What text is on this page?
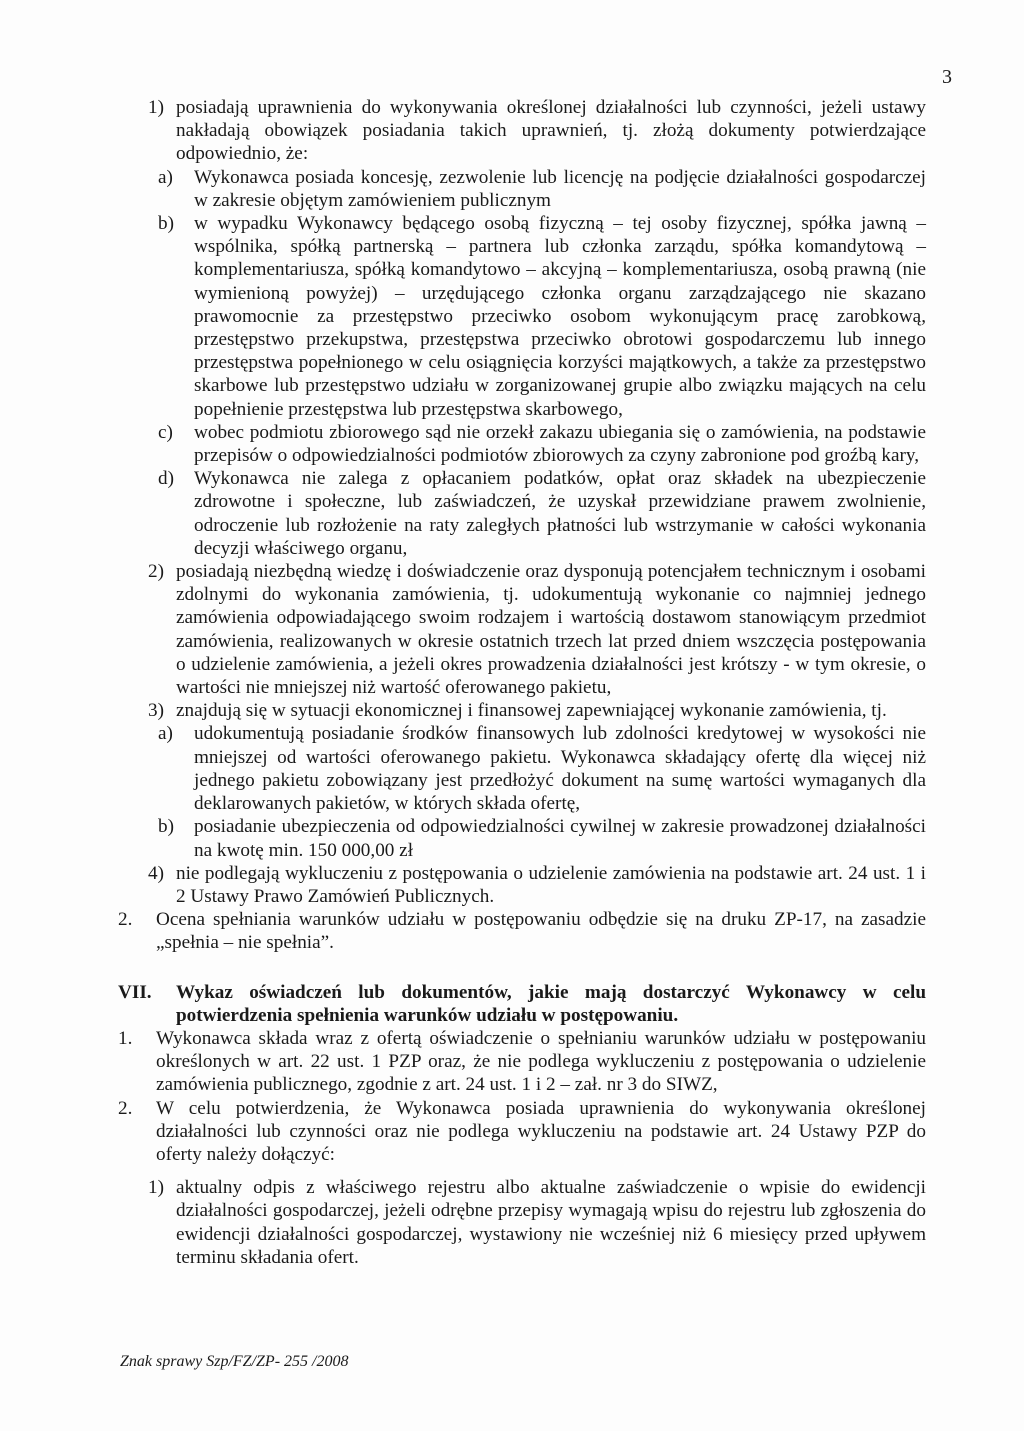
3
1) posiadają uprawnienia do wykonywania określonej działalności lub czynności, jeżeli ustawy nakładają obowiązek posiadania takich uprawnień, tj. złożą dokumenty potwierdzające odpowiednio, że:
a) Wykonawca posiada koncesję, zezwolenie lub licencję na podjęcie działalności gospodarczej w zakresie objętym zamówieniem publicznym
b) w wypadku Wykonawcy będącego osobą fizyczną – tej osoby fizycznej, spółka jawną – wspólnika, spółką partnerską – partnera lub członka zarządu, spółka komandytową – komplementariusza, spółką komandytowo – akcyjną – komplementariusza, osobą prawną (nie wymienioną powyżej) – urzędującego członka organu zarządzającego nie skazano prawomocnie za przestępstwo przeciwko osobom wykonującym pracę zarobkową, przestępstwo przekupstwa, przestępstwa przeciwko obrotowi gospodarczemu lub innego przestępstwa popełnionego w celu osiągnięcia korzyści majątkowych, a także za przestępstwo skarbowe lub przestępstwo udziału w zorganizowanej grupie albo związku mających na celu popełnienie przestępstwa lub przestępstwa skarbowego,
c) wobec podmiotu zbiorowego sąd nie orzekł zakazu ubiegania się o zamówienia, na podstawie przepisów o odpowiedzialności podmiotów zbiorowych za czyny zabronione pod groźbą kary,
d) Wykonawca nie zalega z opłacaniem podatków, opłat oraz składek na ubezpieczenie zdrowotne i społeczne, lub zaświadczeń, że uzyskał przewidziane prawem zwolnienie, odroczenie lub rozłożenie na raty zaległych płatności lub wstrzymanie w całości wykonania decyzji właściwego organu,
2) posiadają niezbędną wiedzę i doświadczenie oraz dysponują potencjałem technicznym i osobami zdolnymi do wykonania zamówienia, tj. udokumentują wykonanie co najmniej jednego zamówienia odpowiadającego swoim rodzajem i wartością dostawom stanowiącym przedmiot zamówienia, realizowanych w okresie ostatnich trzech lat przed dniem wszczęcia postępowania o udzielenie zamówienia, a jeżeli okres prowadzenia działalności jest krótszy - w tym okresie, o wartości nie mniejszej niż wartość oferowanego pakietu,
3) znajdują się w sytuacji ekonomicznej i finansowej zapewniającej wykonanie zamówienia, tj.
a) udokumentują posiadanie środków finansowych lub zdolności kredytowej w wysokości nie mniejszej od wartości oferowanego pakietu. Wykonawca składający ofertę dla więcej niż jednego pakietu zobowiązany jest przedłożyć dokument na sumę wartości wymaganych dla deklarowanych pakietów, w których składa ofertę,
b) posiadanie ubezpieczenia od odpowiedzialności cywilnej w zakresie prowadzonej działalności na kwotę min. 150 000,00 zł
4) nie podlegają wykluczeniu z postępowania o udzielenie zamówienia na podstawie art. 24 ust. 1 i 2 Ustawy Prawo Zamówień Publicznych.
2. Ocena spełniania warunków udziału w postępowaniu odbędzie się na druku ZP-17, na zasadzie „spełnia – nie spełnia”.
VII. Wykaz oświadczeń lub dokumentów, jakie mają dostarczyć Wykonawcy w celu potwierdzenia spełnienia warunków udziału w postępowaniu.
1. Wykonawca składa wraz z ofertą oświadczenie o spełnianiu warunków udziału w postępowaniu określonych w art. 22 ust. 1 PZP oraz, że nie podlega wykluczeniu z postępowania o udzielenie zamówienia publicznego, zgodnie z art. 24 ust. 1 i 2 – zał. nr 3 do SIWZ,
2. W celu potwierdzenia, że Wykonawca posiada uprawnienia do wykonywania określonej działalności lub czynności oraz nie podlega wykluczeniu na podstawie art. 24 Ustawy PZP do oferty należy dołączyć:
1) aktualny odpis z właściwego rejestru albo aktualne zaświadczenie o wpisie do ewidencji działalności gospodarczej, jeżeli odrębne przepisy wymagają wpisu do rejestru lub zgłoszenia do ewidencji działalności gospodarczej, wystawiony nie wcześniej niż 6 miesięcy przed upływem terminu składania ofert.
Znak sprawy Szp/FZ/ZP- 255 /2008
